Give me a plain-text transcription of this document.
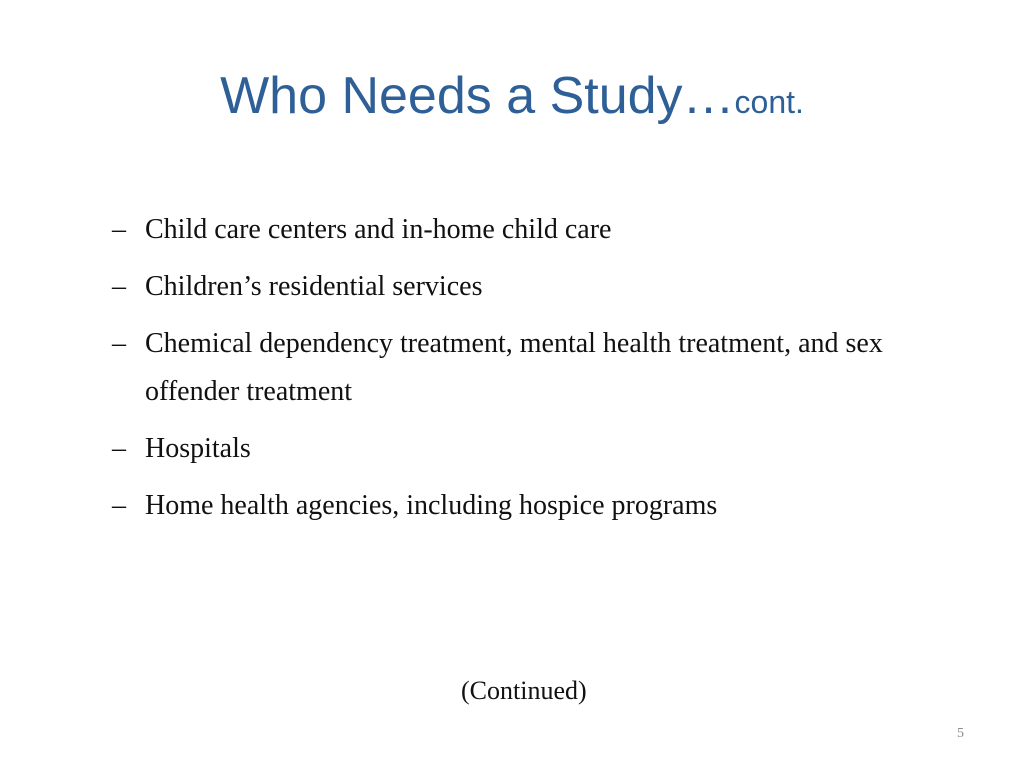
Who Needs a Study…cont.
– Child care centers and in-home child care
– Children’s residential services
– Chemical dependency treatment, mental health treatment, and sex offender treatment
– Hospitals
– Home health agencies, including hospice programs
(Continued)
5
